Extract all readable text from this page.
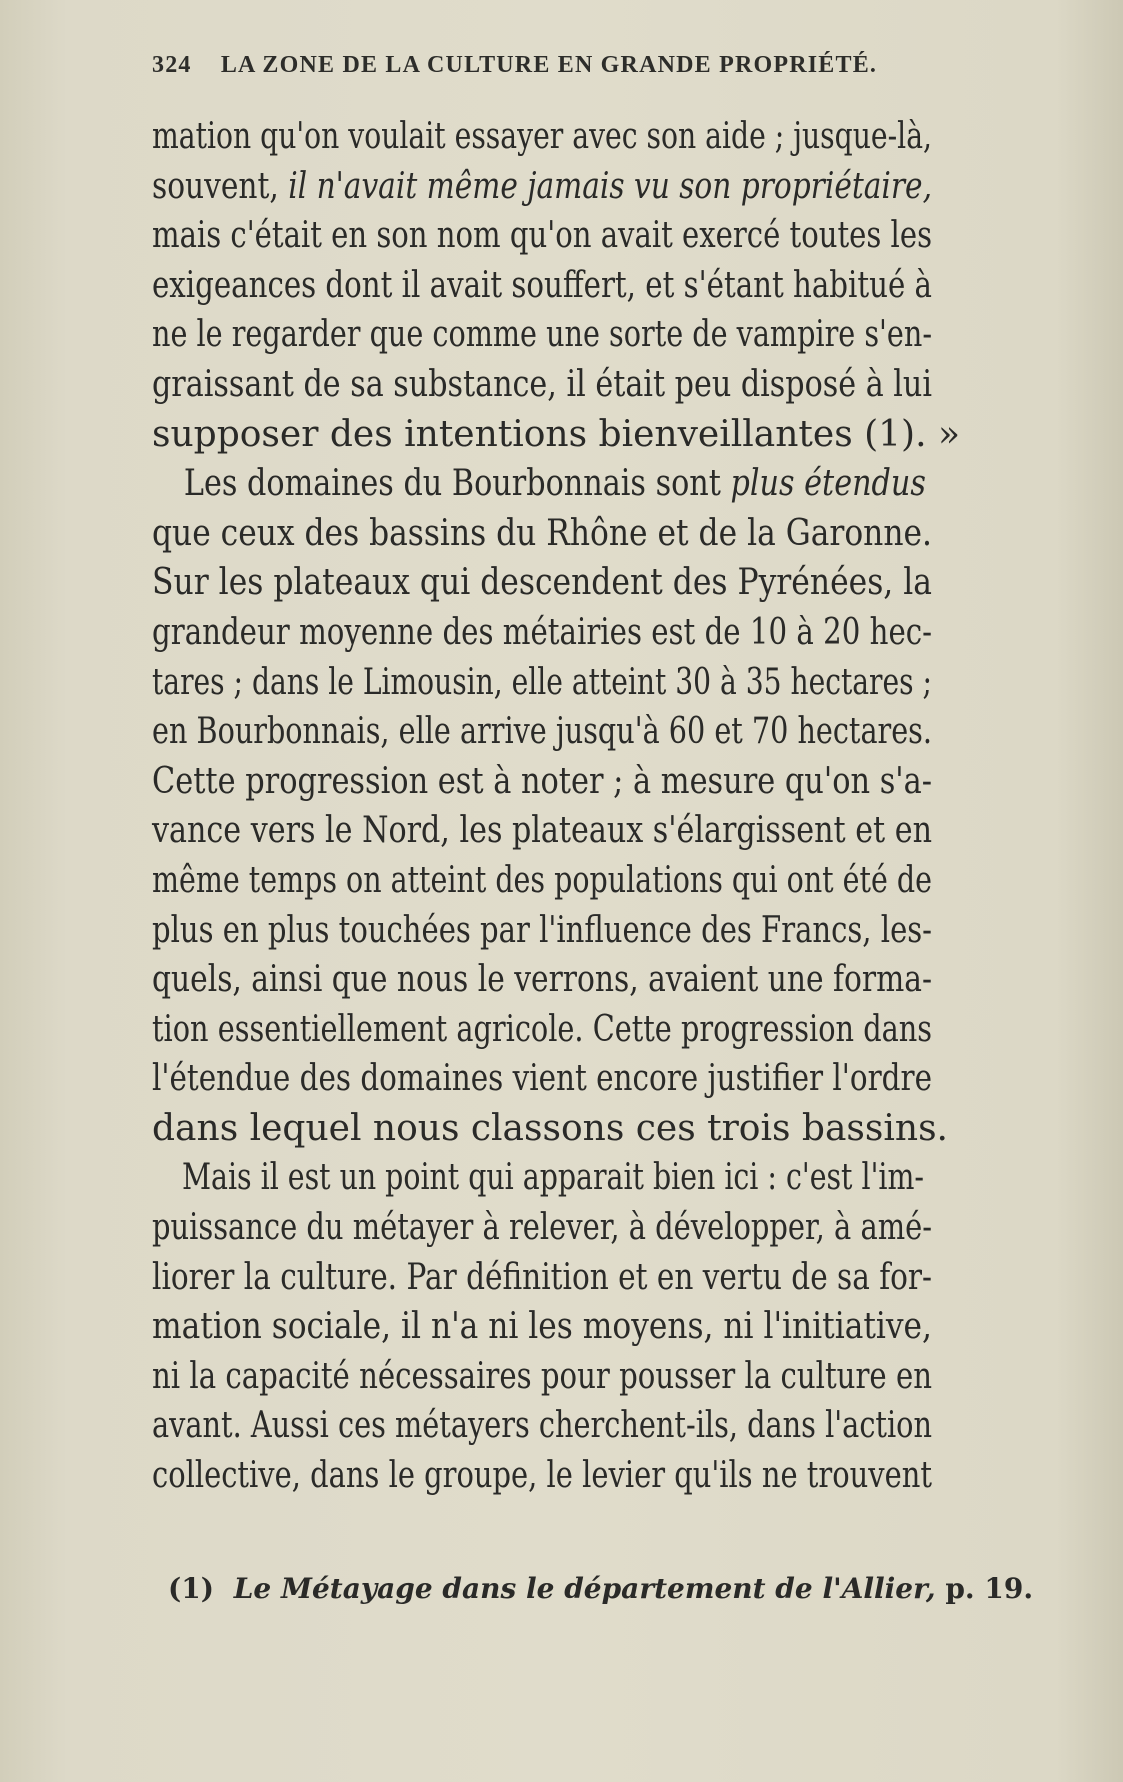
324 LA ZONE DE LA CULTURE EN GRANDE PROPRIÉTÉ.
mation qu'on voulait essayer avec son aide ; jusque-là,
souvent, il n'avait même jamais vu son propriétaire,
mais c'était en son nom qu'on avait exercé toutes les
exigeances dont il avait souffert, et s'étant habitué à
ne le regarder que comme une sorte de vampire s'en-
graissant de sa substance, il était peu disposé à lui
supposer des intentions bienveillantes (1). »
Les domaines du Bourbonnais sont plus étendus
que ceux des bassins du Rhône et de la Garonne.
Sur les plateaux qui descendent des Pyrénées, la
grandeur moyenne des métairies est de 10 à 20 hec-
tares ; dans le Limousin, elle atteint 30 à 35 hectares ;
en Bourbonnais, elle arrive jusqu'à 60 et 70 hectares.
Cette progression est à noter ; à mesure qu'on s'a-
vance vers le Nord, les plateaux s'élargissent et en
même temps on atteint des populations qui ont été de
plus en plus touchées par l'influence des Francs, les-
quels, ainsi que nous le verrons, avaient une forma-
tion essentiellement agricole. Cette progression dans
l'étendue des domaines vient encore justifier l'ordre
dans lequel nous classons ces trois bassins.
Mais il est un point qui apparait bien ici : c'est l'im-
puissance du métayer à relever, à développer, à amé-
liorer la culture. Par définition et en vertu de sa for-
mation sociale, il n'a ni les moyens, ni l'initiative,
ni la capacité nécessaires pour pousser la culture en
avant. Aussi ces métayers cherchent-ils, dans l'action
collective, dans le groupe, le levier qu'ils ne trouvent
(1) Le Métayage dans le département de l'Allier, p. 19.
